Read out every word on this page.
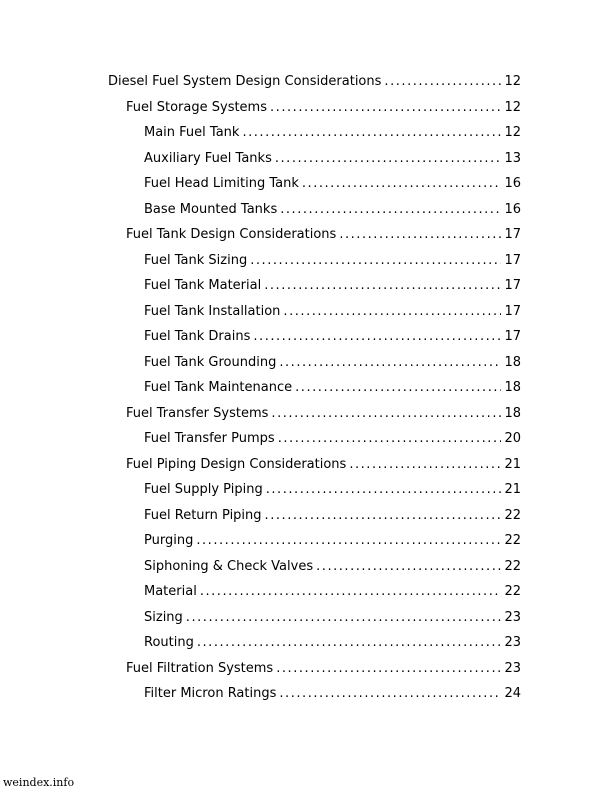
Diesel Fuel System Design Considerations . . .	12
Fuel Storage Systems . . .	12
Main Fuel Tank . . .	12
Auxiliary Fuel Tanks . . .	13
Fuel Head Limiting Tank . . .	16
Base Mounted Tanks . . .	16
Fuel Tank Design Considerations . . .	17
Fuel Tank Sizing . . .	17
Fuel Tank Material . . .	17
Fuel Tank Installation . . .	17
Fuel Tank Drains . . .	17
Fuel Tank Grounding . . .	18
Fuel Tank Maintenance . . .	18
Fuel Transfer Systems . . .	18
Fuel Transfer Pumps . . .	20
Fuel Piping Design Considerations . . .	21
Fuel Supply Piping . . .	21
Fuel Return Piping . . .	22
Purging . . .	22
Siphoning & Check Valves . . .	22
Material . . .	22
Sizing . . .	23
Routing . . .	23
Fuel Filtration Systems . . .	23
Filter Micron Ratings . . .	24
weindex.info
